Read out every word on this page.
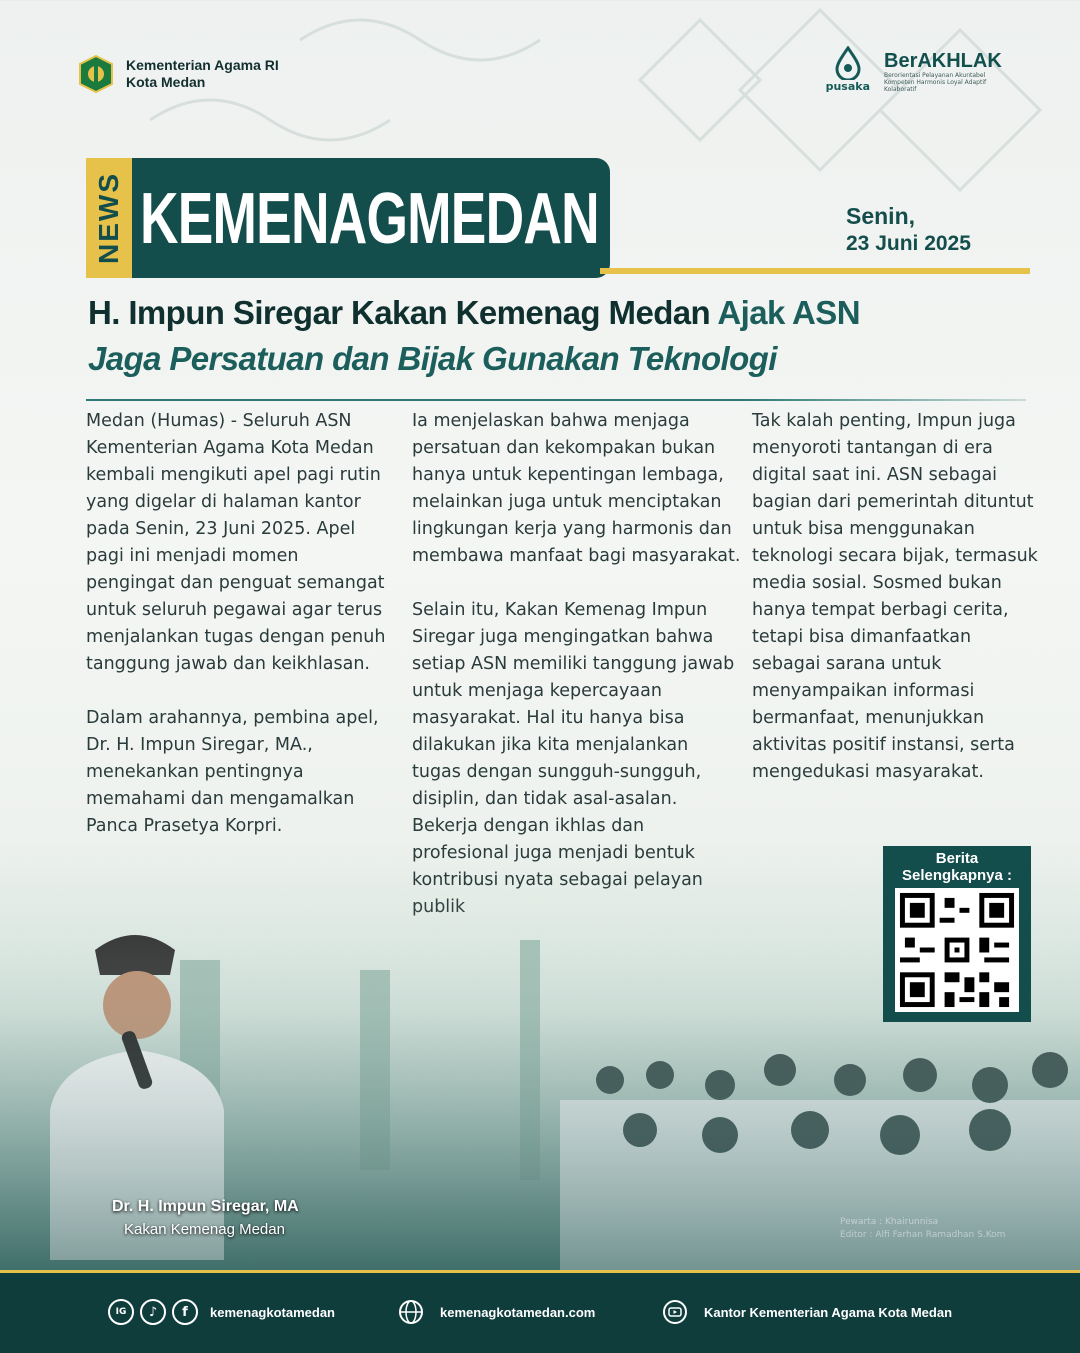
Kementerian Agama RI
Kota Medan	pusaka
BerAKHLAK
Berorientasi Pelayanan Akuntabel Kompeten Harmonis Loyal Adaptif Kolaboratif
NEWS KEMENAGMEDAN	Senin,
23 Juni 2025
H. Impun Siregar Kakan Kemenag Medan Ajak ASN
Jaga Persatuan dan Bijak Gunakan Teknologi

Medan (Humas) - Seluruh ASN Kementerian Agama Kota Medan kembali mengikuti apel pagi rutin yang digelar di halaman kantor pada Senin, 23 Juni 2025. Apel pagi ini menjadi momen pengingat dan penguat semangat untuk seluruh pegawai agar terus menjalankan tugas dengan penuh tanggung jawab dan keikhlasan.

Dalam arahannya, pembina apel, Dr. H. Impun Siregar, MA., menekankan pentingnya memahami dan mengamalkan Panca Prasetya Korpri.

Ia menjelaskan bahwa menjaga persatuan dan kekompakan bukan hanya untuk kepentingan lembaga, melainkan juga untuk menciptakan lingkungan kerja yang harmonis dan membawa manfaat bagi masyarakat.

Selain itu, Kakan Kemenag Impun Siregar juga mengingatkan bahwa setiap ASN memiliki tanggung jawab untuk menjaga kepercayaan masyarakat. Hal itu hanya bisa dilakukan jika kita menjalankan tugas dengan sungguh-sungguh, disiplin, dan tidak asal-asalan. Bekerja dengan ikhlas dan profesional juga menjadi bentuk

Tak kalah penting, Impun juga menyoroti tantangan di era digital saat ini. ASN sebagai bagian dari pemerintah dituntut untuk bisa menggunakan teknologi secara bijak, termasuk media sosial. Sosmed bukan hanya tempat berbagi cerita, tetapi bisa dimanfaatkan sebagai sarana untuk menyampaikan informasi bermanfaat, menunjukkan aktivitas positif instansi, serta mengedukasi masyarakat.

Dr. H. Impun Siregar, MA
Kakan Kemenag Medan	Pewarta : Khairunnisa
Editor : Alfi Farhan Ramadhan S.Kom
Berita
Selengkapnya :
IG	♪	f	kemenagkotamedan	kemenagkotamedan.com	Kantor Kementerian Agama Kota Medan
